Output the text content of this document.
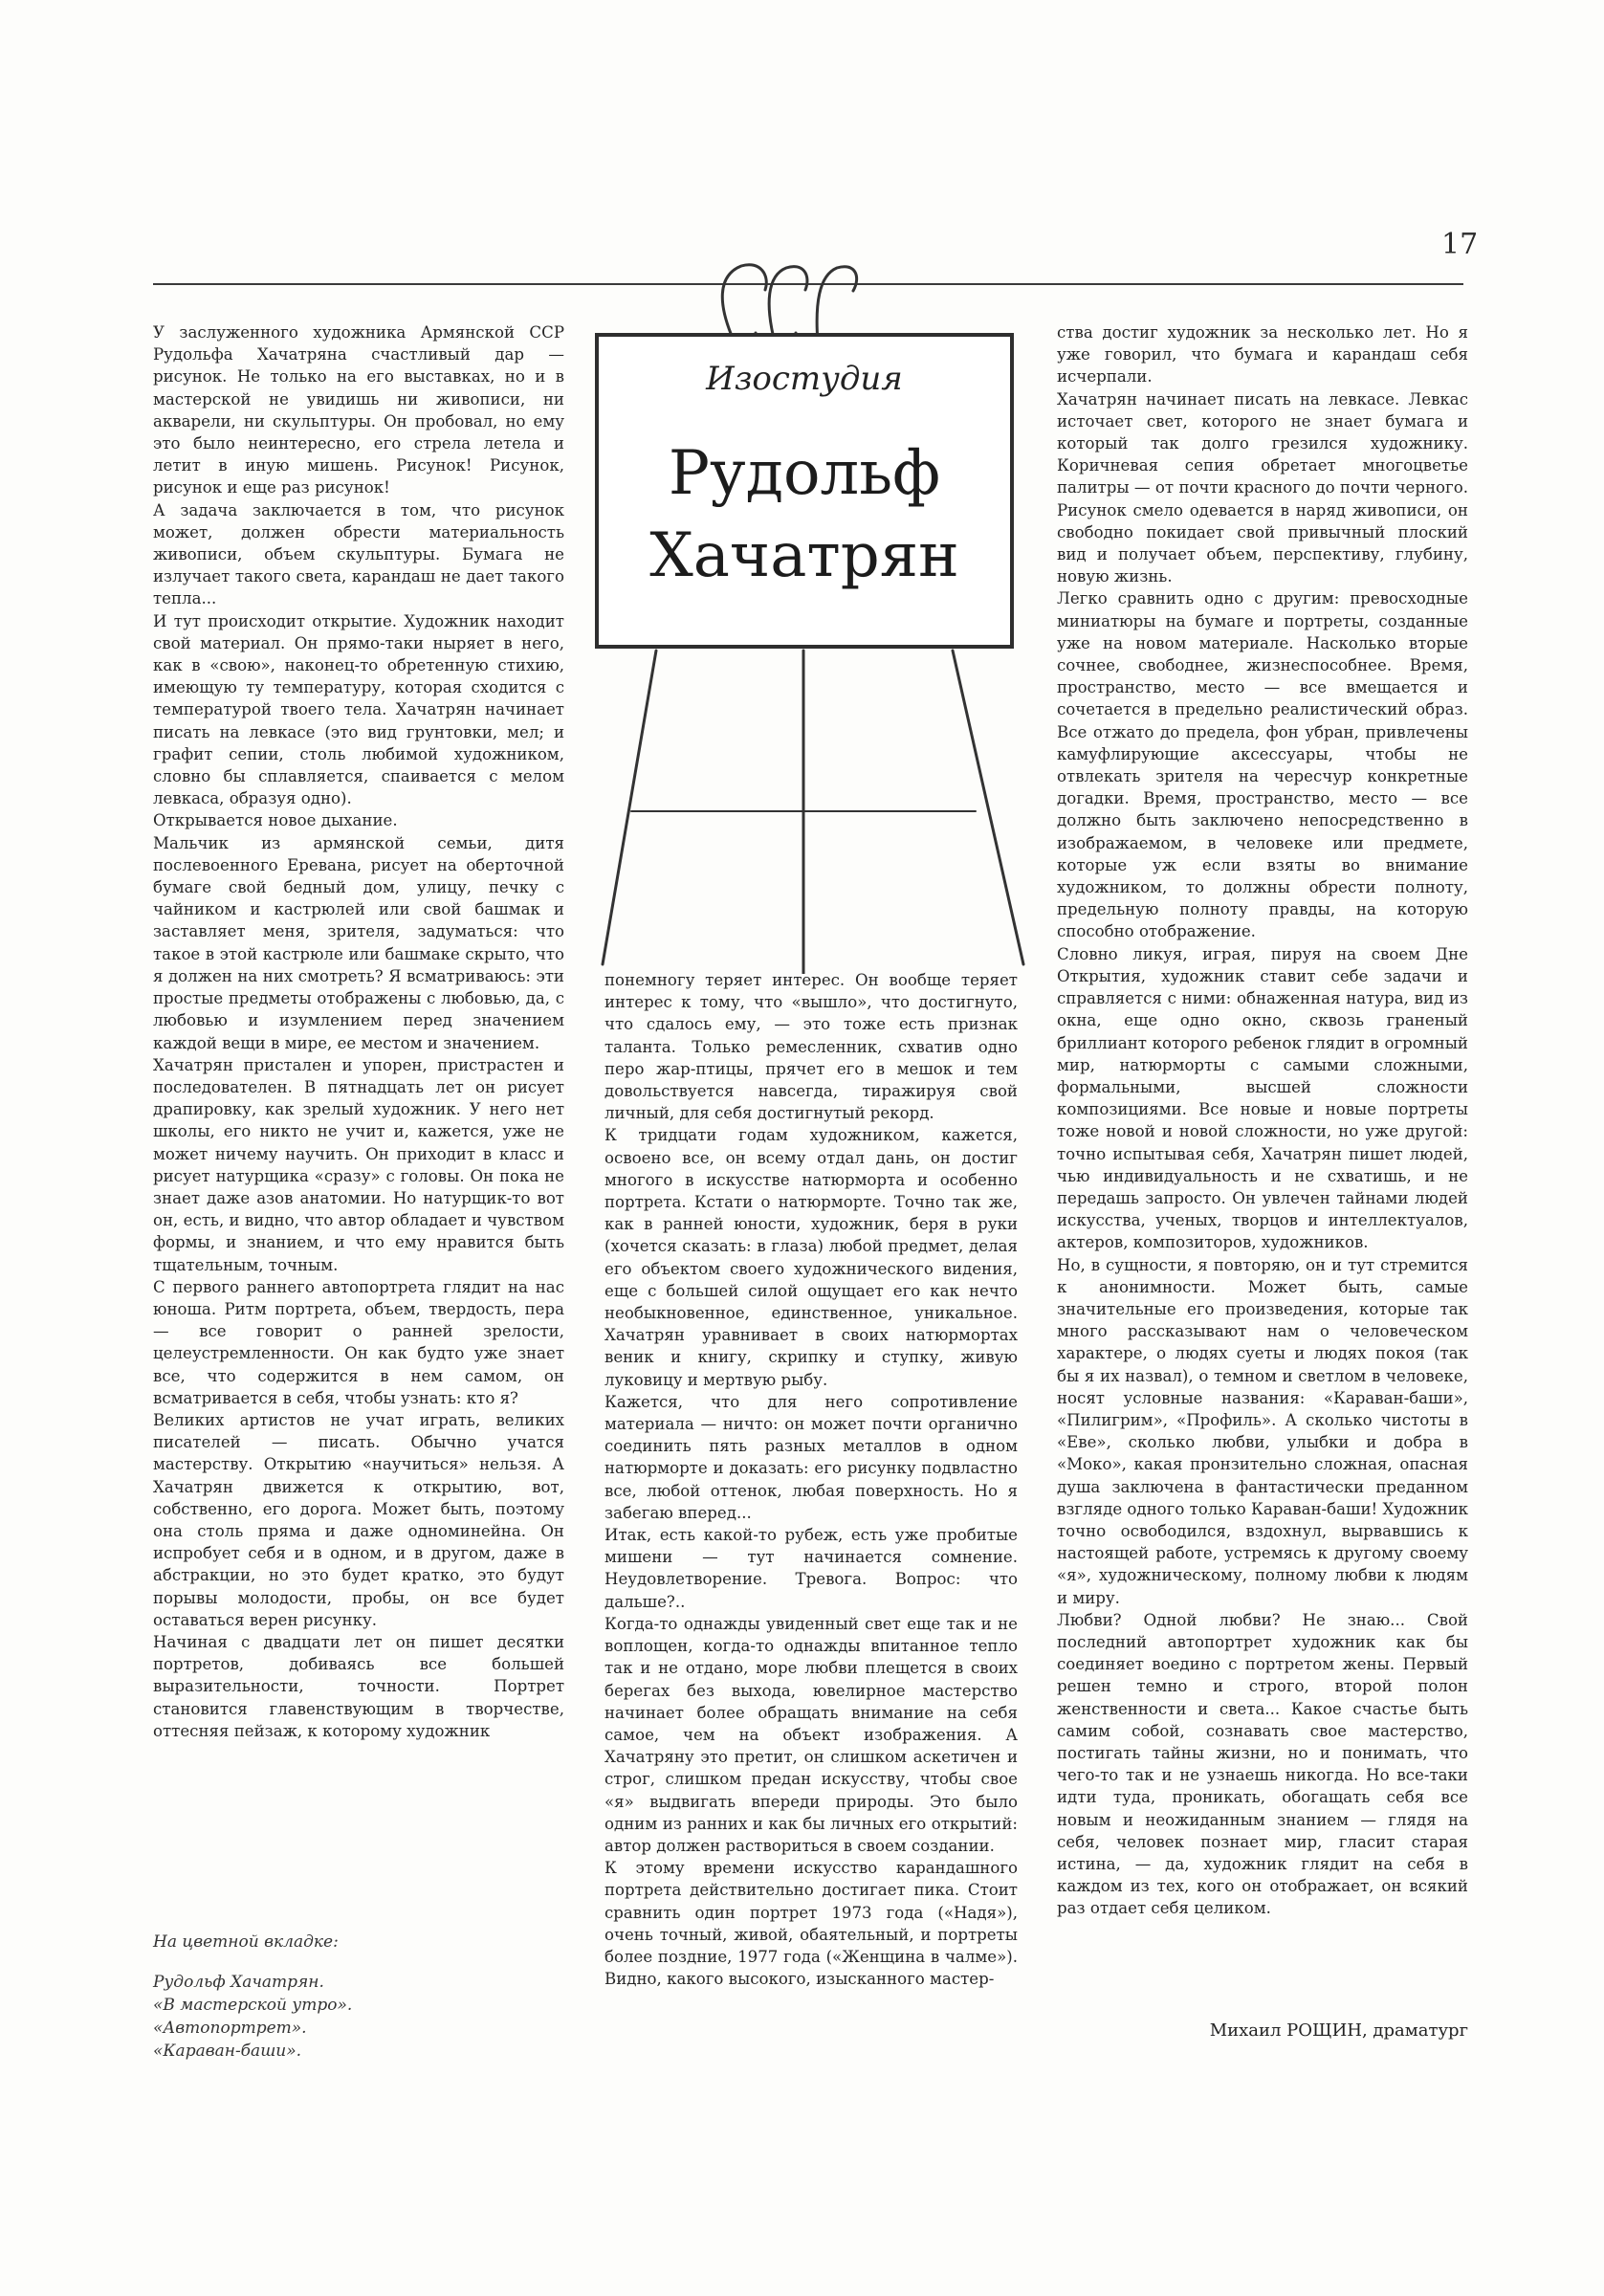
17
Изостудия
Рудольф
Хачатрян

У заслуженного художника Армянской ССР Рудольфа Хачатряна счастливый дар — рисунок. Не только на его выставках, но и в мастерской не увидишь ни живописи, ни акварели, ни скульптуры. Он пробовал, но ему это было неинтересно, его стрела летела и летит в иную мишень. Рисунок! Рисунок, рисунок и еще раз рисунок!

А задача заключается в том, что рисунок может, должен обрести материальность живописи, объем скульптуры. Бумага не излучает такого света, карандаш не дает такого тепла...

И тут происходит открытие. Художник находит свой материал. Он прямо-таки ныряет в него, как в «свою», наконец-то обретенную стихию, имеющую ту температуру, которая сходится с температурой твоего тела. Хачатрян начинает писать на левкасе (это вид грунтовки, мел; и графит сепии, столь любимой художником, словно бы сплавляется, спаивается с мелом левкаса, образуя одно).

Открывается новое дыхание.

Мальчик из армянской семьи, дитя послевоенного Еревана, рисует на оберточной бумаге свой бедный дом, улицу, печку с чайником и кастрюлей или свой башмак и заставляет меня, зрителя, задуматься: что такое в этой кастрюле или башмаке скрыто, что я должен на них смотреть? Я всматриваюсь: эти простые предметы отображены с любовью, да, с любовью и изумлением перед значением каждой вещи в мире, ее местом и значением.

Хачатрян пристален и упорен, пристрастен и последователен. В пятнадцать лет он рисует драпировку, как зрелый художник. У него нет школы, его никто не учит и, кажется, уже не может ничему научить. Он приходит в класс и рисует натурщика «сразу» с головы. Он пока не знает даже азов анатомии. Но натурщик-то вот он, есть, и видно, что автор обладает и чувством формы, и знанием, и что ему нравится быть тщательным, точным.

С первого раннего автопортрета глядит на нас юноша. Ритм портрета, объем, твердость, пера — все говорит о ранней зрелости, целеустремленности. Он как будто уже знает все, что содержится в нем самом, он всматривается в себя, чтобы узнать: кто я?

Великих артистов не учат играть, великих писателей — писать. Обычно учатся мастерству. Открытию «научиться» нельзя. А Хачатрян движется к открытию, вот, собственно, его дорога. Может быть, поэтому она столь пряма и даже одноминейна. Он испробует себя и в одном, и в другом, даже в абстракции, но это будет кратко, это будут порывы молодости, пробы, он все будет оставаться верен рисунку.

Начиная с двадцати лет он пишет десятки портретов, добиваясь все большей выразительности, точности. Портрет становится главенствующим в творчестве, оттесняя пейзаж, к которому художник

понемногу теряет интерес. Он вообще теряет интерес к тому, что «вышло», что достигнуто, что сдалось ему, — это тоже есть признак таланта. Только ремесленник, схватив одно перо жар-птицы, прячет его в мешок и тем довольствуется навсегда, тиражируя свой личный, для себя достигнутый рекорд.

К тридцати годам художником, кажется, освоено все, он всему отдал дань, он достиг многого в искусстве натюрморта и особенно портрета. Кстати о натюрморте. Точно так же, как в ранней юности, художник, беря в руки (хочется сказать: в глаза) любой предмет, делая его объектом своего художнического видения, еще с большей силой ощущает его как нечто необыкновенное, единственное, уникальное. Хачатрян уравнивает в своих натюрмортах веник и книгу, скрипку и ступку, живую луковицу и мертвую рыбу.

Кажется, что для него сопротивление материала — ничто: он может почти органично соединить пять разных металлов в одном натюрморте и доказать: его рисунку подвластно все, любой оттенок, любая поверхность. Но я забегаю вперед...

Итак, есть какой-то рубеж, есть уже пробитые мишени — тут начинается сомнение. Неудовлетворение. Тревога. Вопрос: что дальше?..

Когда-то однажды увиденный свет еще так и не воплощен, когда-то однажды впитанное тепло так и не отдано, море любви плещется в своих берегах без выхода, ювелирное мастерство начинает более обращать внимание на себя самое, чем на объект изображения. А Хачатряну это претит, он слишком аскетичен и строг, слишком предан искусству, чтобы свое «я» выдвигать впереди природы. Это было одним из ранних и как бы личных его открытий: автор должен раствориться в своем создании.

К этому времени искусство карандашного портрета действительно достигает пика. Стоит сравнить один портрет 1973 года («Надя»), очень точный, живой, обаятельный, и портреты более поздние, 1977 года («Женщина в чалме»). Видно, какого высокого, изысканного мастер-

ства достиг художник за несколько лет. Но я уже говорил, что бумага и карандаш себя исчерпали.

Хачатрян начинает писать на левкасе. Левкас источает свет, которого не знает бумага и который так долго грезился художнику. Коричневая сепия обретает многоцветье палитры — от почти красного до почти черного. Рисунок смело одевается в наряд живописи, он свободно покидает свой привычный плоский вид и получает объем, перспективу, глубину, новую жизнь.

Легко сравнить одно с другим: превосходные миниатюры на бумаге и портреты, созданные уже на новом материале. Насколько вторые сочнее, свободнее, жизнеспособнее. Время, пространство, место — все вмещается и сочетается в предельно реалистический образ. Все отжато до предела, фон убран, привлечены камуфлирующие аксессуары, чтобы не отвлекать зрителя на чересчур конкретные догадки. Время, пространство, место — все должно быть заключено непосредственно в изображаемом, в человеке или предмете, которые уж если взяты во внимание художником, то должны обрести полноту, предельную полноту правды, на которую способно отображение.

Словно ликуя, играя, пируя на своем Дне Открытия, художник ставит себе задачи и справляется с ними: обнаженная натура, вид из окна, еще одно окно, сквозь граненый бриллиант которого ребенок глядит в огромный мир, натюрморты с самыми сложными, формальными, высшей сложности композициями. Все новые и новые портреты тоже новой и новой сложности, но уже другой: точно испытывая себя, Хачатрян пишет людей, чью индивидуальность и не схватишь, и не передашь запросто. Он увлечен тайнами людей искусства, ученых, творцов и интеллектуалов, актеров, композиторов, художников.

Но, в сущности, я повторяю, он и тут стремится к анонимности. Может быть, самые значительные его произведения, которые так много рассказывают нам о человеческом характере, о людях суеты и людях покоя (так бы я их назвал), о темном и светлом в человеке, носят условные названия: «Караван-баши», «Пилигрим», «Профиль». А сколько чистоты в «Еве», сколько любви, улыбки и добра в «Моко», какая пронзительно сложная, опасная душа заключена в фантастически преданном взгляде одного только Караван-баши! Художник точно освободился, вздохнул, вырвавшись к настоящей работе, устремясь к другому своему «я», художническому, полному любви к людям и миру.

Любви? Одной любви? Не знаю... Свой последний автопортрет художник как бы соединяет воедино с портретом жены. Первый решен темно и строго, второй полон женственности и света... Какое счастье быть самим собой, сознавать свое мастерство, постигать тайны жизни, но и понимать, что чего-то так и не узнаешь никогда. Но все-таки идти туда, проникать, обогащать себя все новым и неожиданным знанием — глядя на себя, человек познает мир, гласит старая истина, — да, художник глядит на себя в каждом из тех, кого он отображает, он всякий раз отдает себя целиком.

На цветной вкладке:
Рудольф Хачатрян.
«В мастерской утро».
«Автопортрет».
«Караван-баши».
Михаил РОЩИН, драматург
